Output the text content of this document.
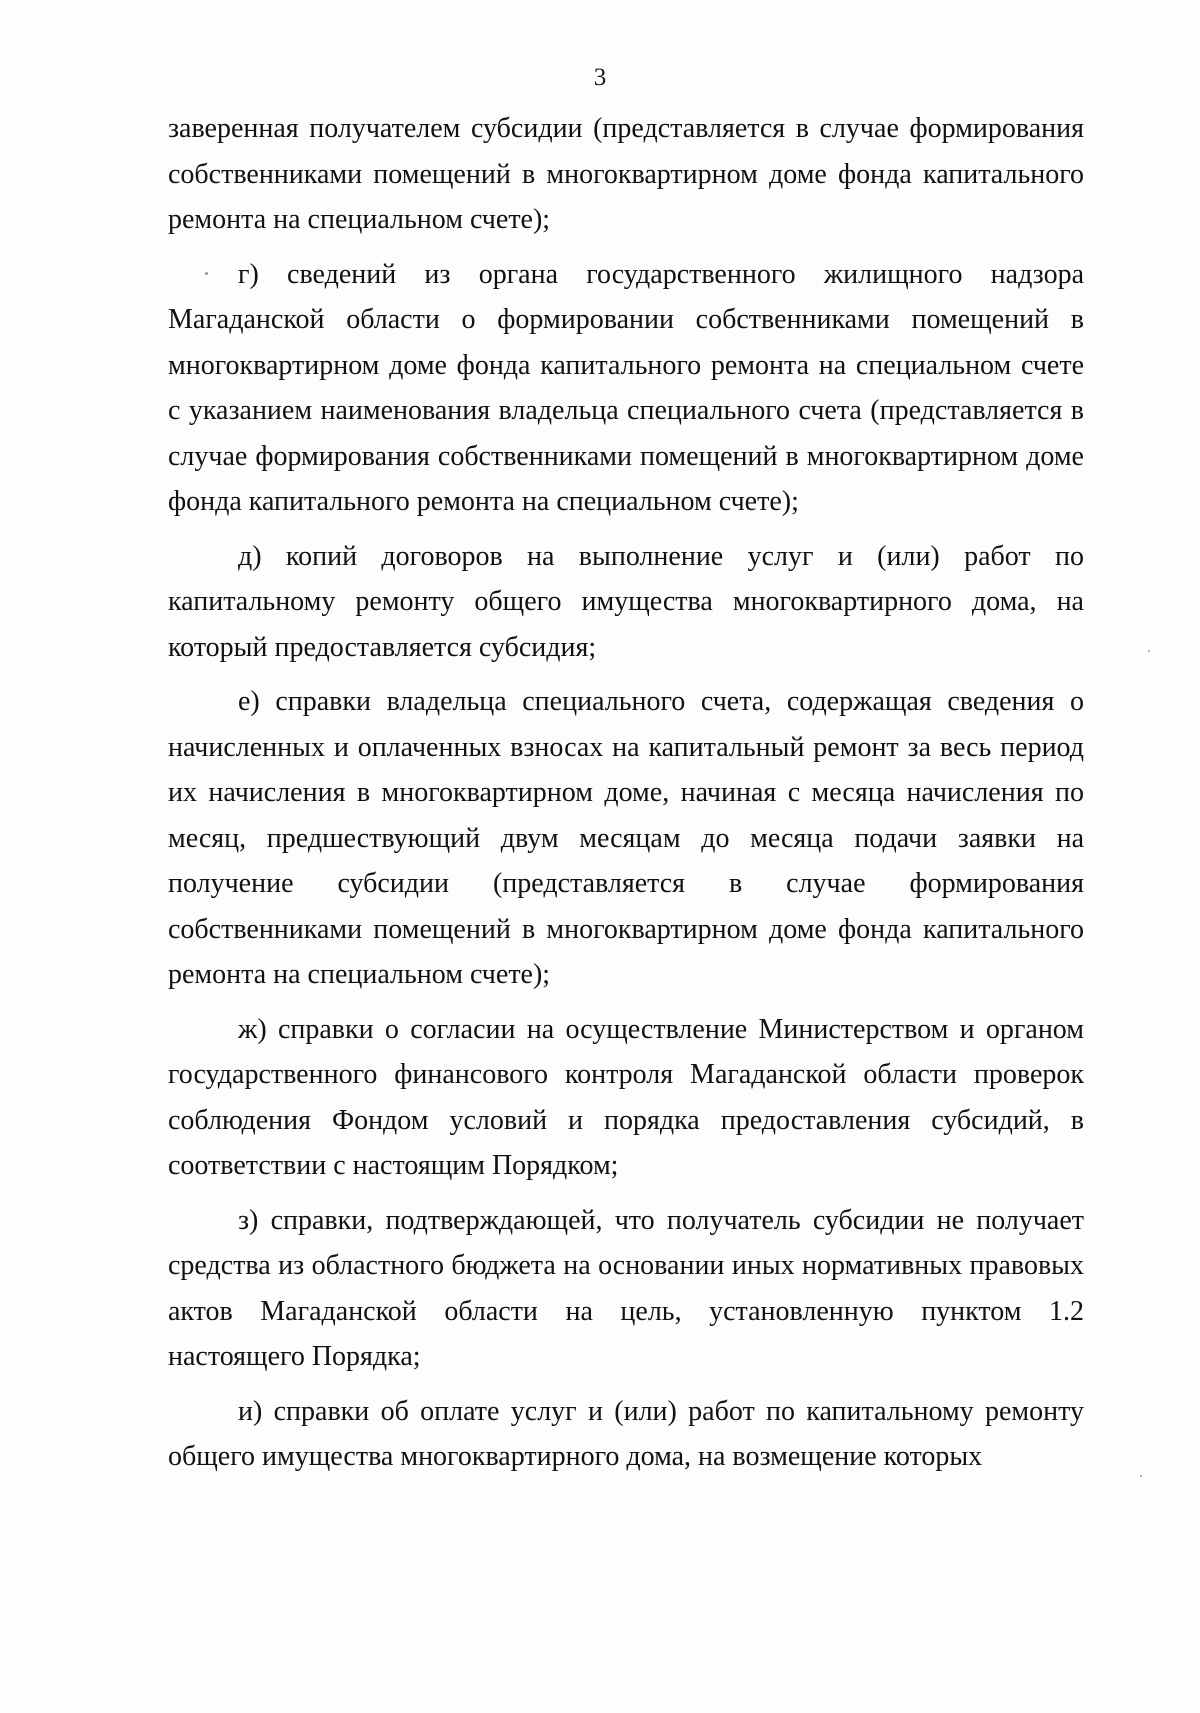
3

заверенная получателем субсидии (представляется в случае формирования собственниками помещений в многоквартирном доме фонда капитального ремонта на специальном счете);

г) сведений из органа государственного жилищного надзора Магаданской области о формировании собственниками помещений в многоквартирном доме фонда капитального ремонта на специальном счете с указанием наименования владельца специального счета (представляется в случае формирования собственниками помещений в многоквартирном доме фонда капитального ремонта на специальном счете);

д) копий договоров на выполнение услуг и (или) работ по капитальному ремонту общего имущества многоквартирного дома, на который предоставляется субсидия;

е) справки владельца специального счета, содержащая сведения о начисленных и оплаченных взносах на капитальный ремонт за весь период их начисления в многоквартирном доме, начиная с месяца начисления по месяц, предшествующий двум месяцам до месяца подачи заявки на получение субсидии (представляется в случае формирования собственниками помещений в многоквартирном доме фонда капитального ремонта на специальном счете);

ж) справки о согласии на осуществление Министерством и органом государственного финансового контроля Магаданской области проверок соблюдения Фондом условий и порядка предоставления субсидий, в соответствии с настоящим Порядком;

з) справки, подтверждающей, что получатель субсидии не получает средства из областного бюджета на основании иных нормативных правовых актов Магаданской области на цель, установленную пунктом 1.2 настоящего Порядка;

и) справки об оплате услуг и (или) работ по капитальному ремонту общего имущества многоквартирного дома, на возмещение которых
